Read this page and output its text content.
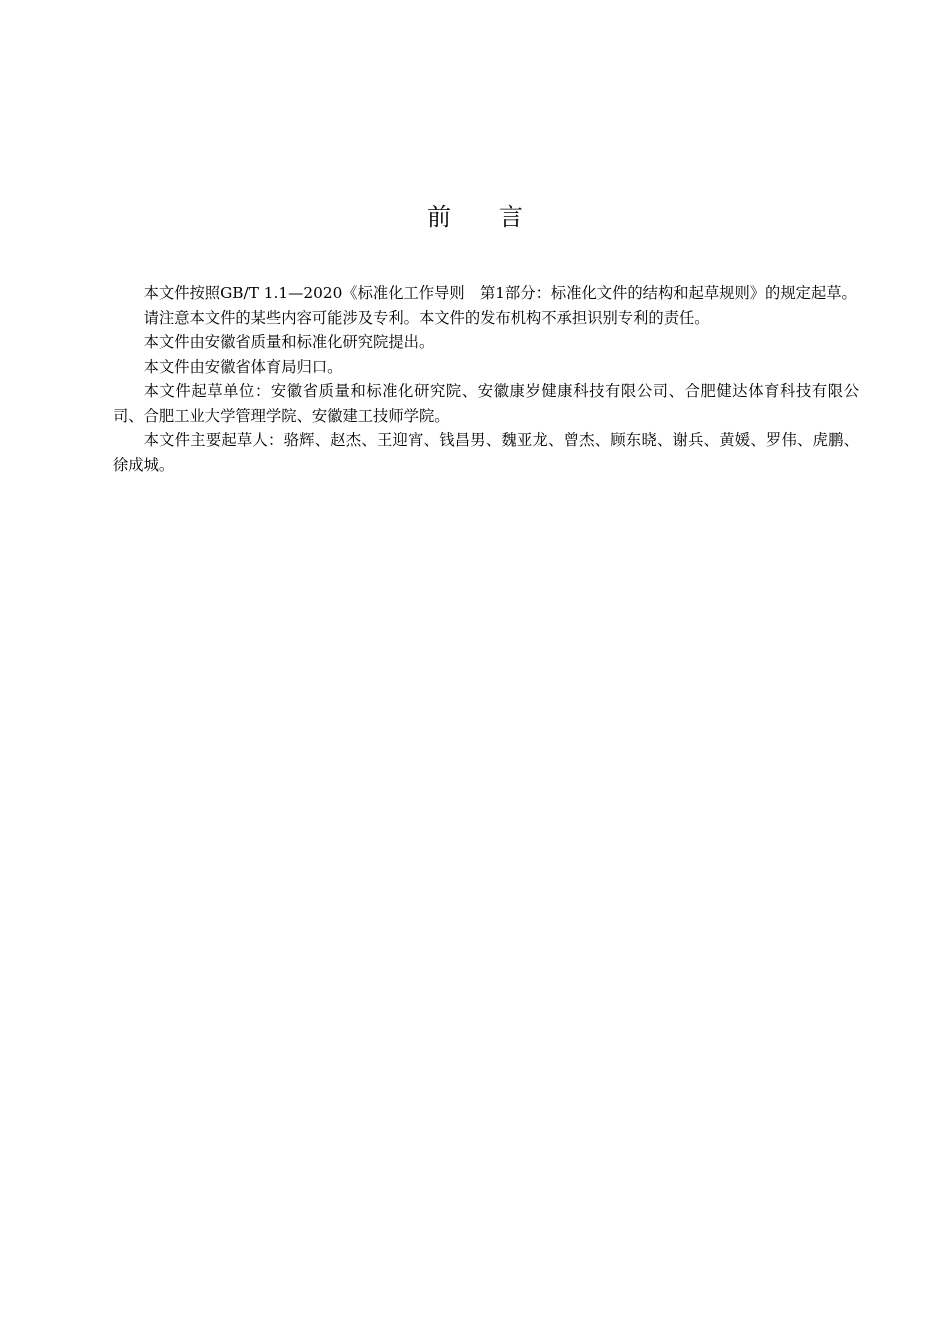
前言

本文件按照GB/T 1.1—2020《标准化工作导则　第1部分：标准化文件的结构和起草规则》的规定起草。

请注意本文件的某些内容可能涉及专利。本文件的发布机构不承担识别专利的责任。

本文件由安徽省质量和标准化研究院提出。

本文件由安徽省体育局归口。

本文件起草单位：安徽省质量和标准化研究院、安徽康岁健康科技有限公司、合肥健达体育科技有限公司、合肥工业大学管理学院、安徽建工技师学院。

本文件主要起草人：骆辉、赵杰、王迎宵、钱昌男、魏亚龙、曾杰、顾东晓、谢兵、黄媛、罗伟、虎鹏、徐成城。
